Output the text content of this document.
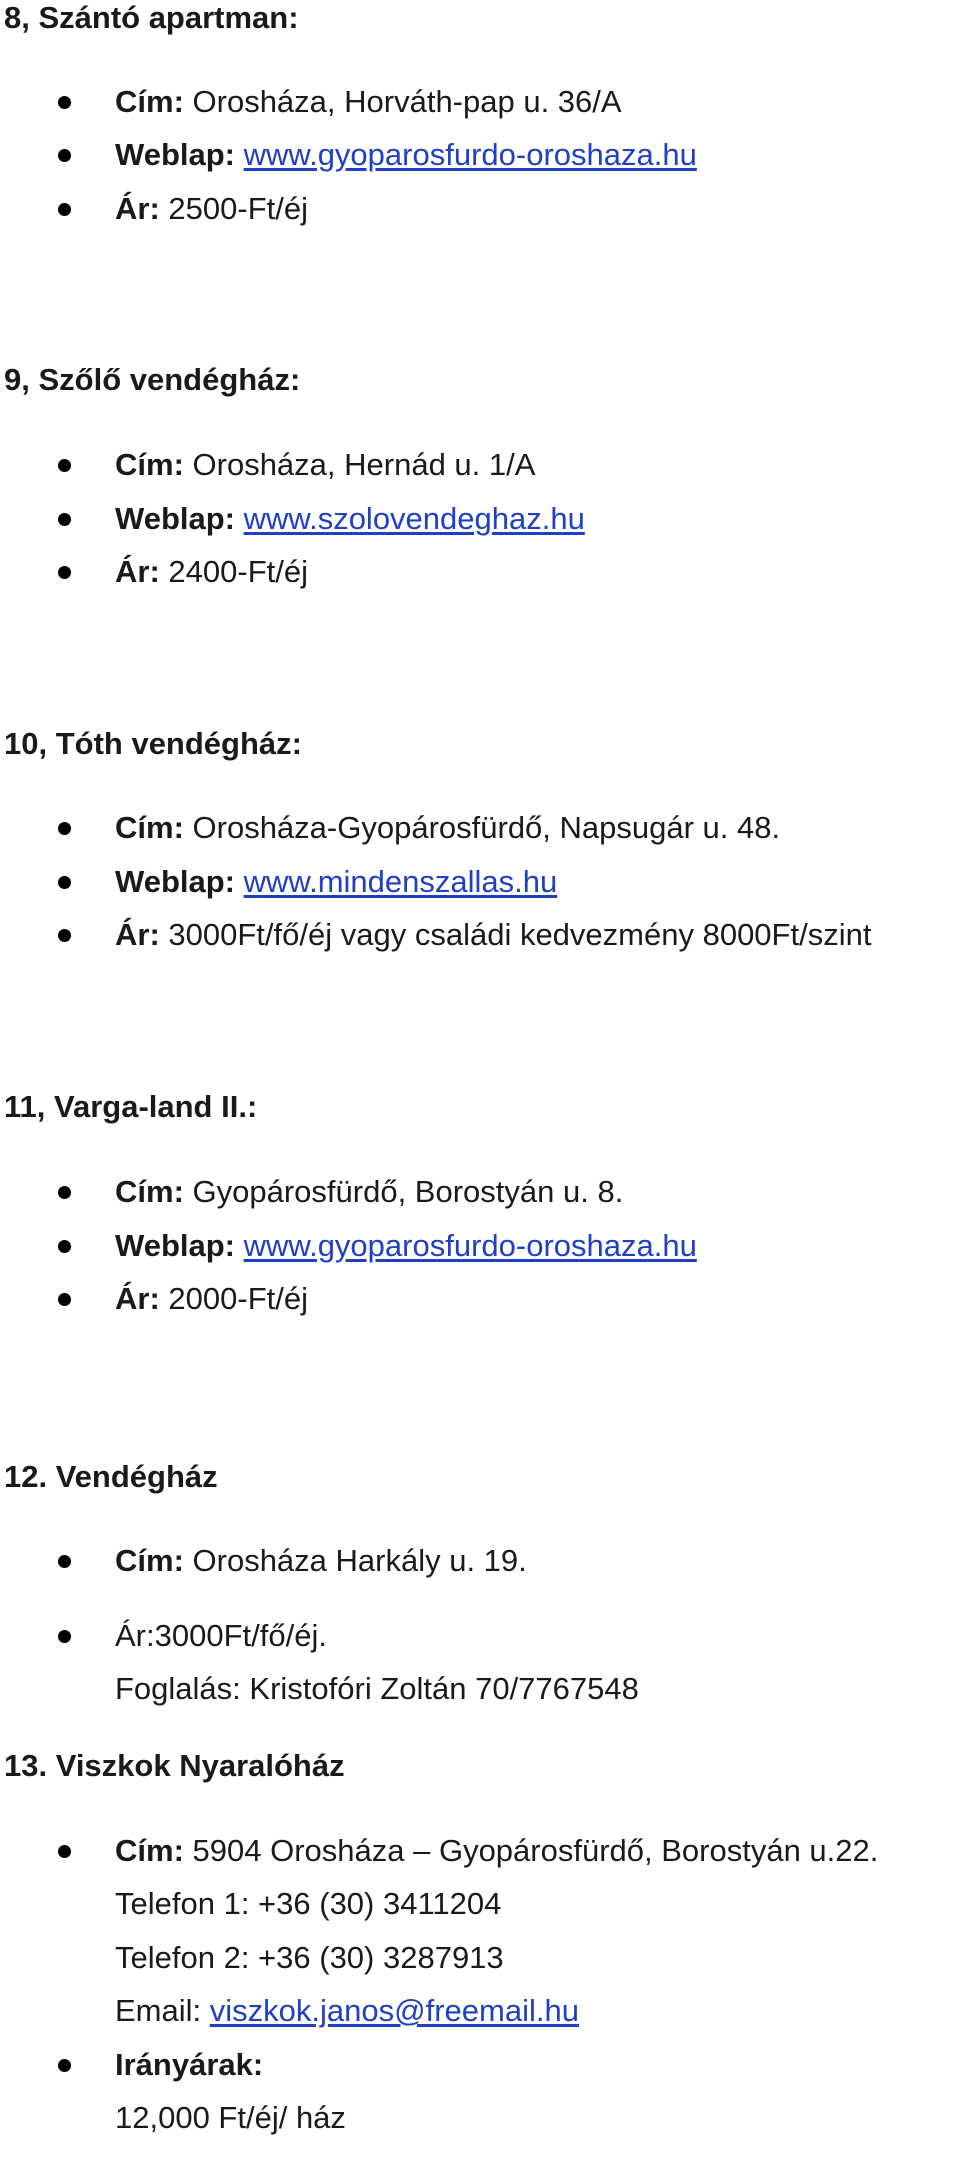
8, Szántó apartman:
Cím: Orosháza, Horváth-pap u. 36/A
Weblap: www.gyoparosfurdo-oroshaza.hu
Ár: 2500-Ft/éj
9, Szőlő vendégház:
Cím: Orosháza, Hernád u. 1/A
Weblap: www.szolovendeghaz.hu
Ár: 2400-Ft/éj
10, Tóth vendégház:
Cím: Orosháza-Gyopárosfürdő, Napsugár u. 48.
Weblap: www.mindenszallas.hu
Ár: 3000Ft/fő/éj vagy családi kedvezmény 8000Ft/szint
11, Varga-land II.:
Cím: Gyopárosfürdő, Borostyán u. 8.
Weblap: www.gyoparosfurdo-oroshaza.hu
Ár: 2000-Ft/éj
12. Vendégház
Cím: Orosháza Harkály u. 19.
Ár:3000Ft/fő/éj.
Foglalás: Kristofóri Zoltán 70/7767548
13. Viszkok Nyaralóház
Cím: 5904 Orosháza – Gyopárosfürdő, Borostyán u.22.
Telefon 1: +36 (30) 3411204
Telefon 2: +36 (30) 3287913
Email: viszkok.janos@freemail.hu
Irányárak:
12,000 Ft/éj/ ház
